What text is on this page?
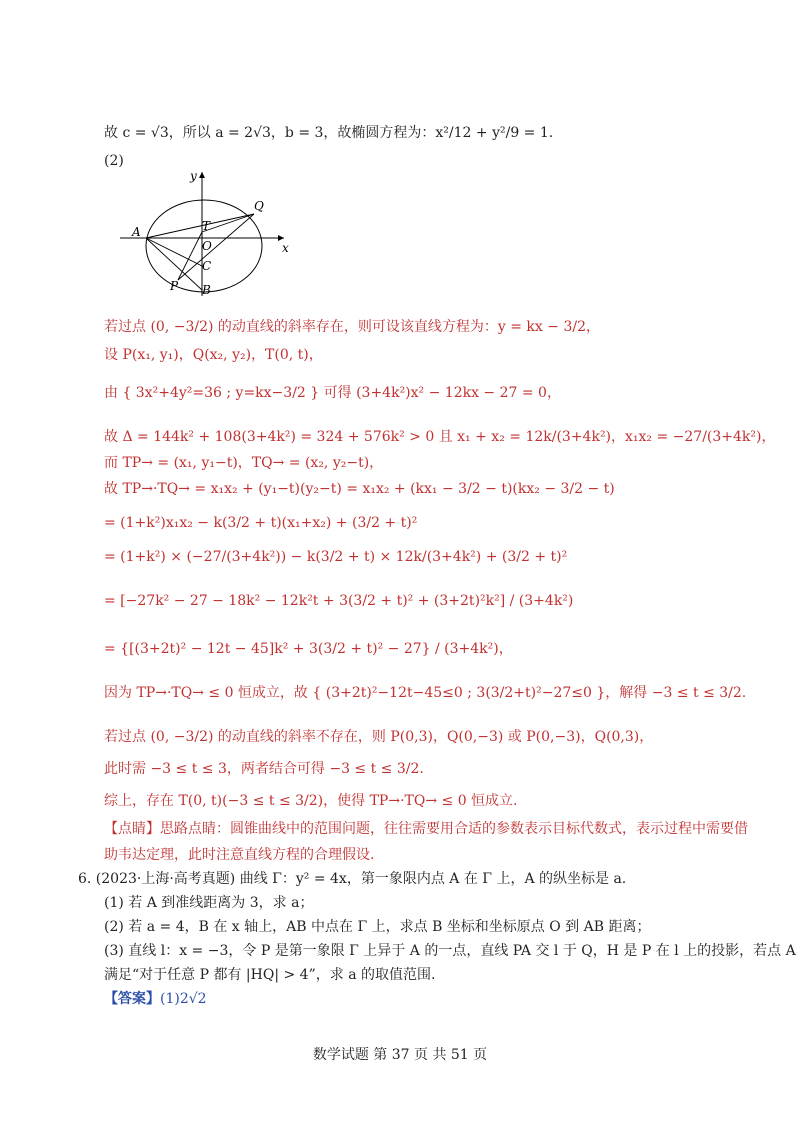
故 c = √3，所以 a = 2√3，b = 3，故椭圆方程为：x²/12 + y²/9 = 1.
(2)
y
x
A	T
Q
O
C
P B
若过点 (0, −3/2) 的动直线的斜率存在，则可设该直线方程为：y = kx − 3/2，
设 P(x₁, y₁)，Q(x₂, y₂)，T(0, t)，
由 { 3x²+4y²=36 ; y=kx−3/2 } 可得 (3+4k²)x² − 12kx − 27 = 0，
故 Δ = 144k² + 108(3+4k²) = 324 + 576k² > 0 且 x₁ + x₂ = 12k/(3+4k²)，x₁x₂ = −27/(3+4k²)，
而 TP→ = (x₁, y₁−t)，TQ→ = (x₂, y₂−t)，
故 TP→·TQ→ = x₁x₂ + (y₁−t)(y₂−t) = x₁x₂ + (kx₁ − 3/2 − t)(kx₂ − 3/2 − t)
= (1+k²)x₁x₂ − k(3/2 + t)(x₁+x₂) + (3/2 + t)²
= (1+k²) × (−27/(3+4k²)) − k(3/2 + t) × 12k/(3+4k²) + (3/2 + t)²
= [−27k² − 27 − 18k² − 12k²t + 3(3/2 + t)² + (3+2t)²k²] / (3+4k²)
= {[(3+2t)² − 12t − 45]k² + 3(3/2 + t)² − 27} / (3+4k²)，
因为 TP→·TQ→ ≤ 0 恒成立，故 { (3+2t)²−12t−45≤0 ; 3(3/2+t)²−27≤0 }，解得 −3 ≤ t ≤ 3/2.
若过点 (0, −3/2) 的动直线的斜率不存在，则 P(0,3)，Q(0,−3) 或 P(0,−3)，Q(0,3)，
此时需 −3 ≤ t ≤ 3，两者结合可得 −3 ≤ t ≤ 3/2.
综上，存在 T(0, t)(−3 ≤ t ≤ 3/2)，使得 TP→·TQ→ ≤ 0 恒成立.
【点睛】思路点睛：圆锥曲线中的范围问题，往往需要用合适的参数表示目标代数式，表示过程中需要借
助韦达定理，此时注意直线方程的合理假设.
6. (2023·上海·高考真题) 曲线 Γ：y² = 4x，第一象限内点 A 在 Γ 上，A 的纵坐标是 a.
(1) 若 A 到准线距离为 3，求 a；
(2) 若 a = 4，B 在 x 轴上，AB 中点在 Γ 上，求点 B 坐标和坐标原点 O 到 AB 距离；
(3) 直线 l：x = −3，令 P 是第一象限 Γ 上异于 A 的一点，直线 PA 交 l 于 Q，H 是 P 在 l 上的投影，若点 A
满足“对于任意 P 都有 |HQ| > 4”，求 a 的取值范围.
【答案】(1)2√2
数学试题 第 37 页 共 51 页
